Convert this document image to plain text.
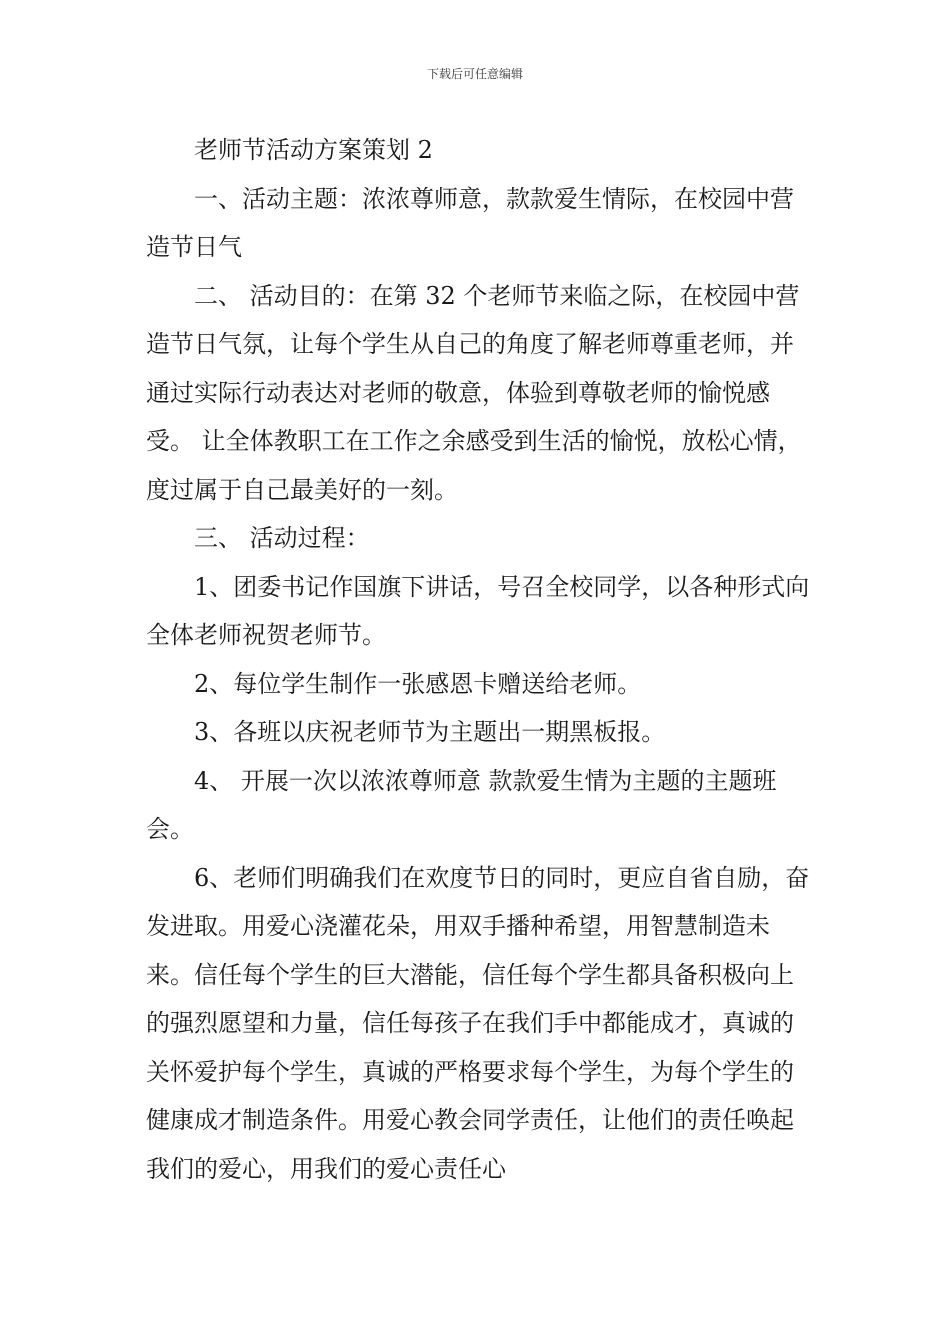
下载后可任意编辑

老师节活动方案策划 2

一、活动主题：浓浓尊师意，款款爱生情际，在校园中营造节日气

二、 活动目的：在第 32 个老师节来临之际，在校园中营造节日气氛，让每个学生从自己的角度了解老师尊重老师，并通过实际行动表达对老师的敬意，体验到尊敬老师的愉悦感受。 让全体教职工在工作之余感受到生活的愉悦，放松心情，度过属于自己最美好的一刻。

三、 活动过程：

1、团委书记作国旗下讲话，号召全校同学，以各种形式向全体老师祝贺老师节。

2、每位学生制作一张感恩卡赠送给老师。

3、各班以庆祝老师节为主题出一期黑板报。

4、 开展一次以浓浓尊师意 款款爱生情为主题的主题班会。

6、老师们明确我们在欢度节日的同时，更应自省自励，奋发进取。用爱心浇灌花朵，用双手播种希望，用智慧制造未来。信任每个学生的巨大潜能，信任每个学生都具备积极向上的强烈愿望和力量，信任每孩子在我们手中都能成才，真诚的关怀爱护每个学生，真诚的严格要求每个学生，为每个学生的健康成才制造条件。用爱心教会同学责任，让他们的责任唤起我们的爱心，用我们的爱心责任心
